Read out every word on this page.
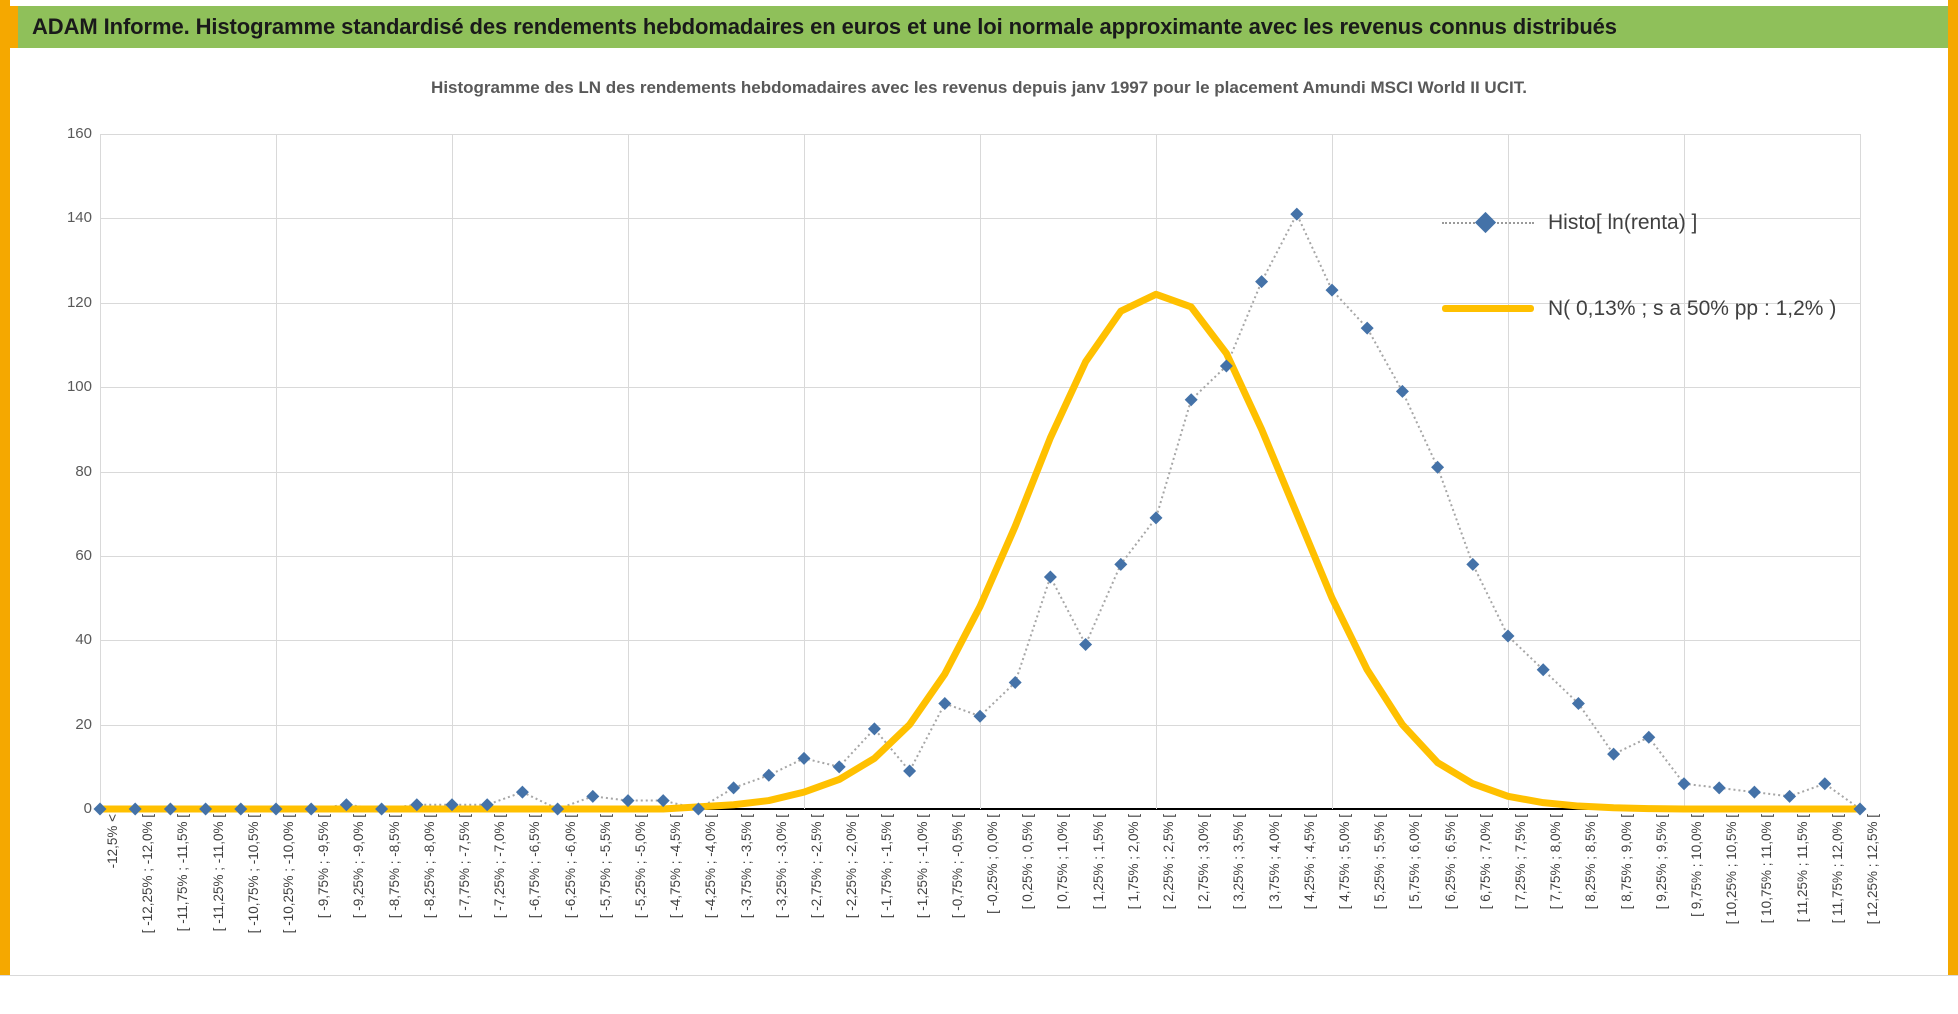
ADAM Informe. Histogramme standardisé des rendements hebdomadaires en euros et une loi normale approximante avec les revenus connus distribués
Histogramme des LN des rendements hebdomadaires avec les revenus depuis janv 1997 pour le placement Amundi MSCI World II UCIT.
0
20
40
60
80
100
120
140
160
-12,5% < [ -12,25% ; -12,0% [ [ -11,75% ; -11,5% [ [ -11,25% ; -11,0% [ [ -10,75% ; -10,5% [ [ -10,25% ; -10,0% [ [ -9,75% ; -9,5% [ [ -9,25% ; -9,0% [ [ -8,75% ; -8,5% [ [ -8,25% ; -8,0% [ [ -7,75% ; -7,5% [ [ -7,25% ; -7,0% [ [ -6,75% ; -6,5% [ [ -6,25% ; -6,0% [ [ -5,75% ; -5,5% [ [ -5,25% ; -5,0% [ [ -4,75% ; -4,5% [ [ -4,25% ; -4,0% [ [ -3,75% ; -3,5% [ [ -3,25% ; -3,0% [ [ -2,75% ; -2,5% [ [ -2,25% ; -2,0% [ [ -1,75% ; -1,5% [ [ -1,25% ; -1,0% [ [ -0,75% ; -0,5% [ [ -0,25% ; 0,0% [ [ 0,25% ; 0,5% [ [ 0,75% ; 1,0% [ [ 1,25% ; 1,5% [ [ 1,75% ; 2,0% [ [ 2,25% ; 2,5% [ [ 2,75% ; 3,0% [ [ 3,25% ; 3,5% [ [ 3,75% ; 4,0% [ [ 4,25% ; 4,5% [ [ 4,75% ; 5,0% [ [ 5,25% ; 5,5% [ [ 5,75% ; 6,0% [ [ 6,25% ; 6,5% [ [ 6,75% ; 7,0% [ [ 7,25% ; 7,5% [ [ 7,75% ; 8,0% [ [ 8,25% ; 8,5% [ [ 8,75% ; 9,0% [ [ 9,25% ; 9,5% [ [ 9,75% ; 10,0% [ [ 10,25% ; 10,5% [ [ 10,75% ; 11,0% [ [ 11,25% ; 11,5% [ [ 11,75% ; 12,0% [ [ 12,25% ; 12,5% [
Histo[ ln(renta) ]
N( 0,13% ; s a 50% pp : 1,2% )
